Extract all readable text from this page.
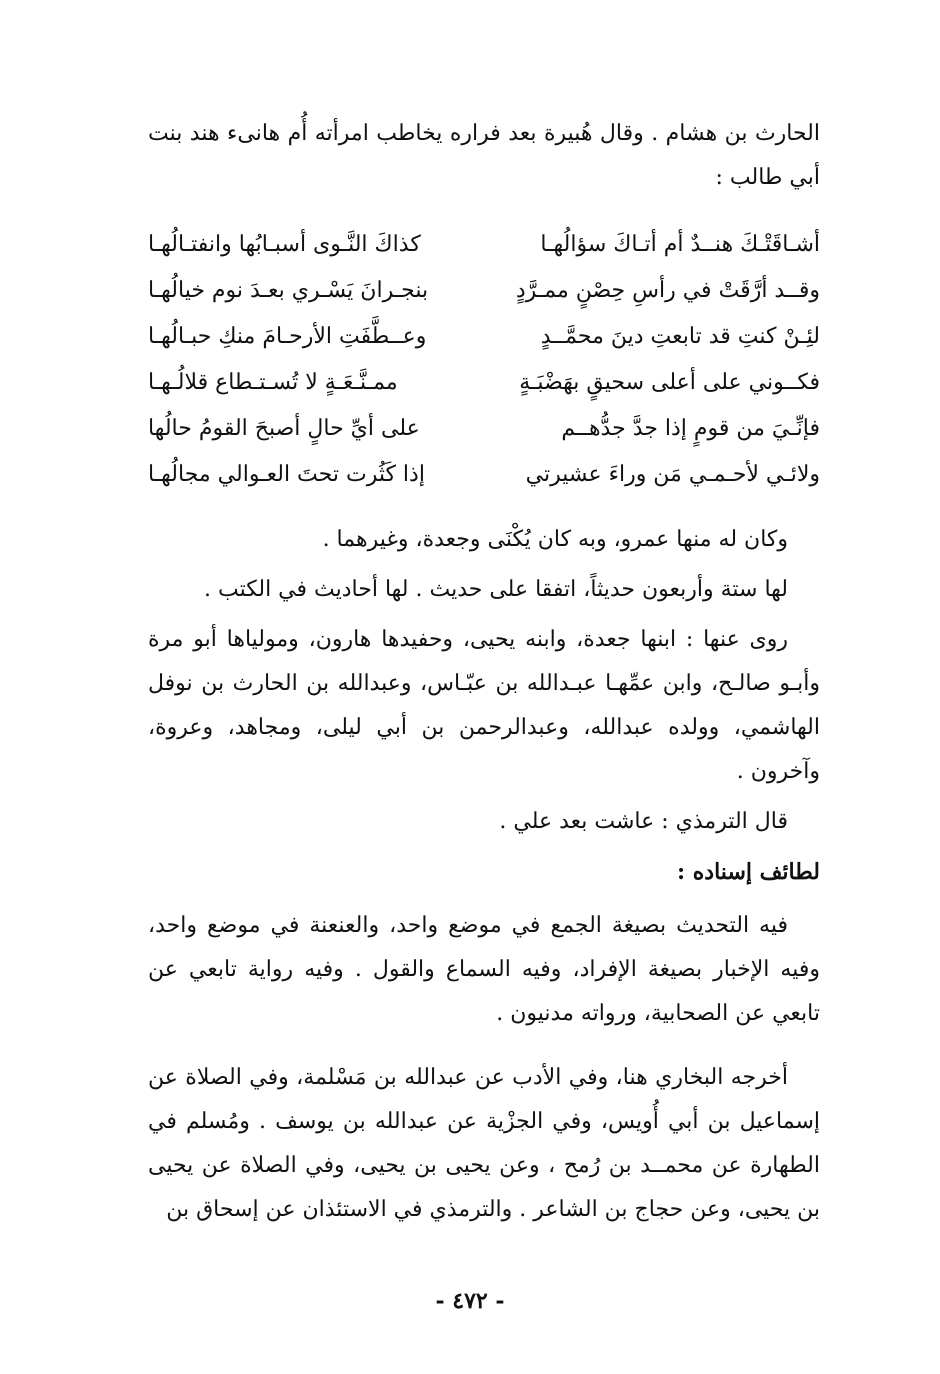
الحارث بن هشام . وقال هُبيرة بعد فراره يخاطب امرأته أُم هانىء هند بنت أبي طالب :

أشـاقَتْـكَ هنــدٌ أم أتـاكَ سؤالُهـا
كذاكَ النَّـوى أسبـابُها وانفتـالُهـا
وقــد أرَّقَتْ في رأسِ حِصْنٍ ممـرَّدٍ
بنجـرانَ يَسْـري بعـدَ نوم خيالُهـا
لئِـنْ كنتِ قد تابعتِ دينَ محمَّــدٍ
وعــطَّفَتِ الأرحـامَ منكِ حبـالُهـا
فكــوني على أعلى سحيقٍ بهَضْبَـةٍ
ممـنَّـعَـةٍ لا تُسـتـطاع قلالُـهـا
فإنِّـيَ من قومٍ إذا جدَّ جدُّهــم
على أيِّ حالٍ أصبحَ القومُ حالُها
ولائـي لأحـمـي مَن وراءَ عشيرتي
إذا كَثُرت تحتَ العـوالي مجالُهـا

وكان له منها عمرو، وبه كان يُكْنَى وجعدة، وغيرهما .

لها ستة وأربعون حديثاً، اتفقا على حديث . لها أحاديث في الكتب .

روى عنها : ابنها جعدة، وابنه يحيى، وحفيدها هارون، ومولياها أبو مرة وأبـو صالـح، وابن عمِّهـا عبـدالله بن عبّـاس، وعبدالله بن الحارث بن نوفل الهاشمي، وولده عبدالله، وعبدالرحمن بن أبي ليلى، ومجاهد، وعروة، وآخرون .

قال الترمذي : عاشت بعد علي .

لطائف إسناده :

فيه التحديث بصيغة الجمع في موضع واحد، والعنعنة في موضع واحد، وفيه الإخبار بصيغة الإفراد، وفيه السماع والقول . وفيه رواية تابعي عن تابعي عن الصحابية، ورواته مدنيون .

أخرجه البخاري هنا، وفي الأدب عن عبدالله بن مَسْلمة، وفي الصلاة عن إسماعيل بن أبي أُويس، وفي الجزْية عن عبدالله بن يوسف . ومُسلم في الطهارة عن محمــد بن رُمح ، وعن يحيى بن يحيى، وفي الصلاة عن يحيى بن يحيى، وعن حجاج بن الشاعر . والترمذي في الاستئذان عن إسحاق بن

- ٤٧٢ -
